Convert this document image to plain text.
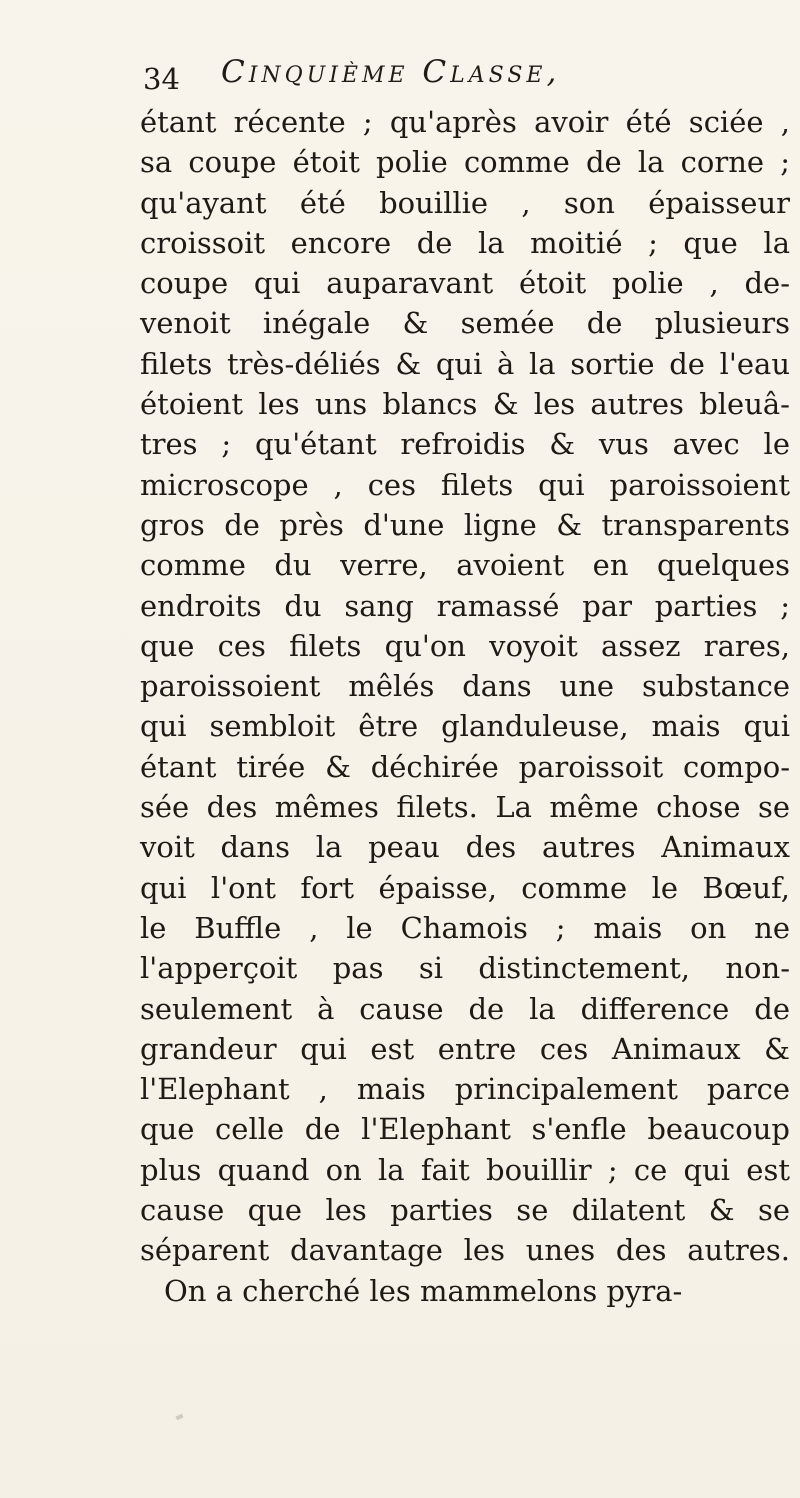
34 Cinquième Classe,
étant récente ; qu'après avoir été sciée ,
sa coupe étoit polie comme de la corne ;
qu'ayant été bouillie , son épaisseur
croissoit encore de la moitié ; que la
coupe qui auparavant étoit polie , de-
venoit inégale & semée de plusieurs
filets très-déliés & qui à la sortie de l'eau
étoient les uns blancs & les autres bleuâ-
tres ; qu'étant refroidis & vus avec le
microscope , ces filets qui paroissoient
gros de près d'une ligne & transparents
comme du verre, avoient en quelques
endroits du sang ramassé par parties ;
que ces filets qu'on voyoit assez rares,
paroissoient mêlés dans une substance
qui sembloit être glanduleuse, mais qui
étant tirée & déchirée paroissoit compo-
sée des mêmes filets. La même chose se
voit dans la peau des autres Animaux
qui l'ont fort épaisse, comme le Bœuf,
le Buffle , le Chamois ; mais on ne
l'apperçoit pas si distinctement, non-
seulement à cause de la difference de
grandeur qui est entre ces Animaux &
l'Elephant , mais principalement parce
que celle de l'Elephant s'enfle beaucoup
plus quand on la fait bouillir ; ce qui est
cause que les parties se dilatent & se
séparent davantage les unes des autres.
On a cherché les mammelons pyra-
